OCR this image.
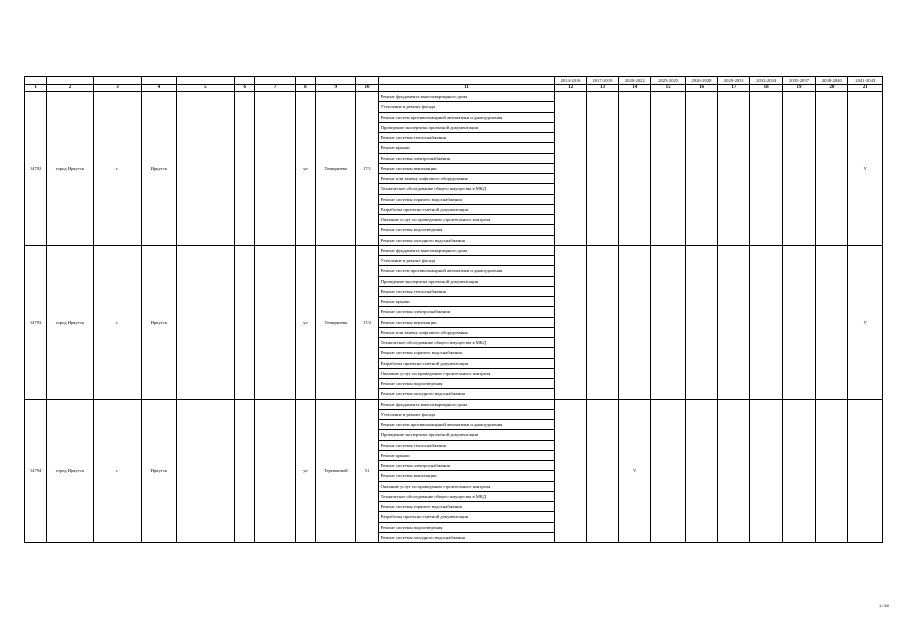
											2014-2016	2017-2019	2020-2022	2023-2025	2026-2028	2029-2031	2032-2034	2035-2037	2038-2040	2041-2043
1	2	3	4	5	6	7	8	9	10	11	12	13	14	15	16	17	18	19	20	21
14792	город Иркутск	г.	Иркутск				ул	Темирязева	17/1	Ремонт фундамента многоквартирного дома										V
										Утепление и ремонт фасада										
										Ремонт систем противопожарной автоматики и дымоудаления										
										Проведение экспертизы проектной документации										
										Ремонт системы теплоснабжения										
										Ремонт крыши										
										Ремонт системы электроснабжения										
										Ремонт системы вентиляции										
										Ремонт или замену лифтового оборудования										
										Техническое обследование общего имущества в МКД										
										Ремонт системы горячего водоснабжения										
										Разработка проектно-сметной документации										
										Оказание услуг по проведению строительного контроля										
										Ремонт системы водоотведения										
										Ремонт системы холодного водоснабжения										
14793	город Иркутск	г.	Иркутск				ул	Темирязева	17/2	Ремонт фундамента многоквартирного дома										V
										Утепление и ремонт фасада										
										Ремонт систем противопожарной автоматики и дымоудаления										
										Проведение экспертизы проектной документации										
										Ремонт системы теплоснабжения										
										Ремонт крыши										
										Ремонт системы электроснабжения										
										Ремонт системы вентиляции										
										Ремонт или замену лифтового оборудования										
										Техническое обследование общего имущества в МКД										
										Ремонт системы горячего водоснабжения										
										Разработка проектно-сметной документации										
										Оказание услуг по проведению строительного контроля										
										Ремонт системы водоотведения										
										Ремонт системы холодного водоснабжения										
14794	город Иркутск	г.	Иркутск				ул	Терешковой	51	Ремонт фундамента многоквартирного дома			V							
										Утепление и ремонт фасада										
										Ремонт систем противопожарной автоматики и дымоудаления										
										Проведение экспертизы проектной документации										
										Ремонт системы теплоснабжения										
										Ремонт крыши										
										Ремонт системы электроснабжения										
										Ремонт системы вентиляции										
										Оказание услуг по проведению строительного контроля										
										Техническое обследование общего имущества в МКД										
										Ремонт системы горячего водоснабжения										
										Разработка проектно-сметной документации										
										Ремонт системы водоотведения										
										Ремонт системы холодного водоснабжения										
1 / 60
